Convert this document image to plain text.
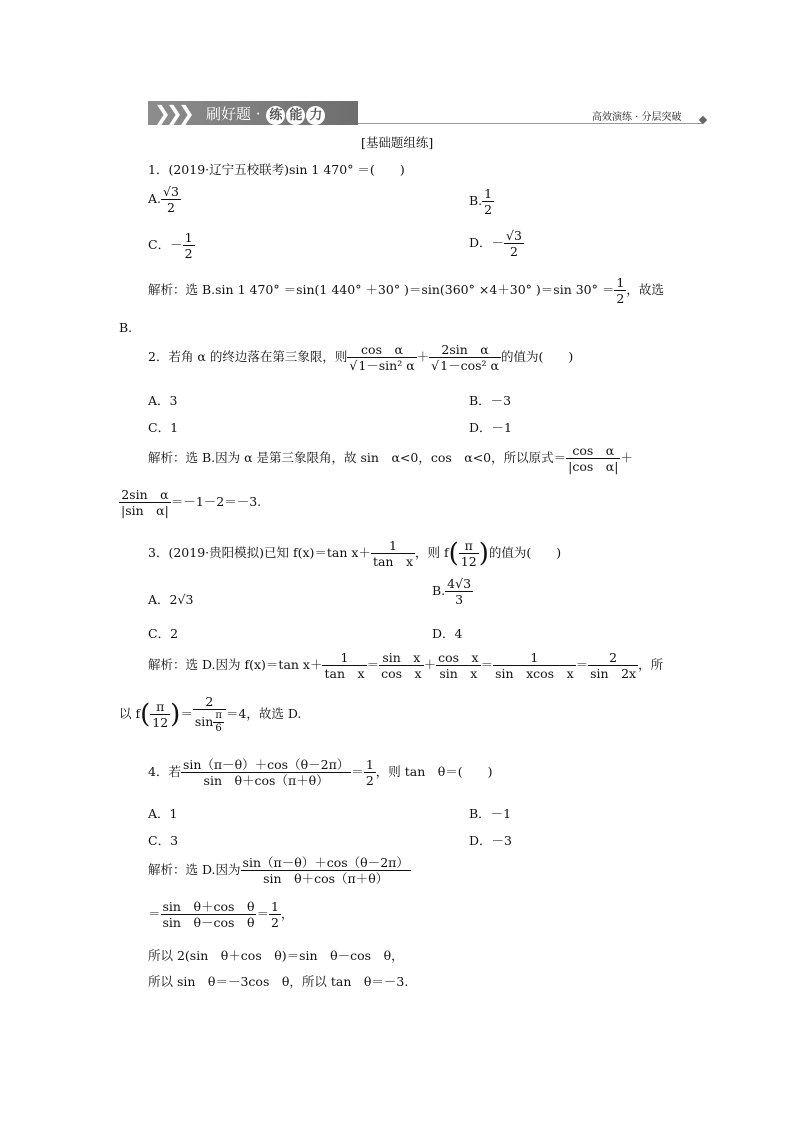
❯
❯
❯ 刷好题 · 练 能 力	高效演练 · 分层突破
[基础题组练]
1．(2019·辽宁五校联考)sin 1 470° ＝(　　)
A. $\frac{√3}{2}$	B. $\frac{1}{2}$
C．－ $\frac{1}{2}$	D．－ $\frac{√3}{2}$
解析：选 B.sin 1 470° ＝sin(1 440° ＋30° )＝sin(360° ×4＋30° )＝sin $30^\circ = \frac{1}{2}$ ，故选
B.
2．若角 α 的终边落在第三象限，则 $\frac{\text{cos　α}}{\text{√1－sin² α}} + \frac{\text{2sin　α}}{\text{√1－cos² α}}$ 的值为(　　)
A．3	B．－3
C．1	D．－1
解析：选 B.因为 α 是第三象限角，故 sin　α<0，cos　α<0，所以原式＝ $\frac{\text{cos　α}}{\text{|cos　α|}}$ ＋
$\frac{\text{2sin　α}}{\text{|sin　α|}} =-1-2=-3$.
3．(2019·贵阳模拟)已知 f(x)＝tan $x+ \frac{1}{\text{tan　x}}$ ，则 $f( \frac{\pi}{12}$ )的值为(　　)
A．2√3
B. $\frac{4√3}{3}$
C．2	D．4
解析：选 D.因为 f(x)＝tan $x+ \frac{1}{\text{tan　x}} = \frac{\text{sin　x}}{\text{cos　x}} + \frac{\text{cos　x}}{\text{sin　x}} = \frac{1}{\text{sin　xcos　x}} = \frac{2}{\sin 2x}$ ，所
以 $f( \frac{\pi}{12}$ )＝ $\frac{2}{\sin \frac{\pi}{6}} =4$，故选 D.
4．若 $\frac{\sin(\pi-\theta)+\cos(\theta-2\pi)}{\text{sin　θ＋cos（π＋θ）}} = \frac{1}{2}$ ，则 tan　θ＝(　　)
A．1	B．－1
C．3	D．－3
解析：选 D.因为 $\frac{\sin(\pi-\theta)+\cos(\theta-2\pi)}{\text{sin　θ＋cos（π＋θ）}}$
＝ $\frac{\text{sin　θ＋cos　θ}}{\text{sin　θ－cos　θ}} = \frac{1}{2}$ ，
所以 2(sin　θ＋cos　θ)＝sin　θ－cos　θ，
所以 sin　θ＝－3cos　θ，所以 tan　θ＝－3.
